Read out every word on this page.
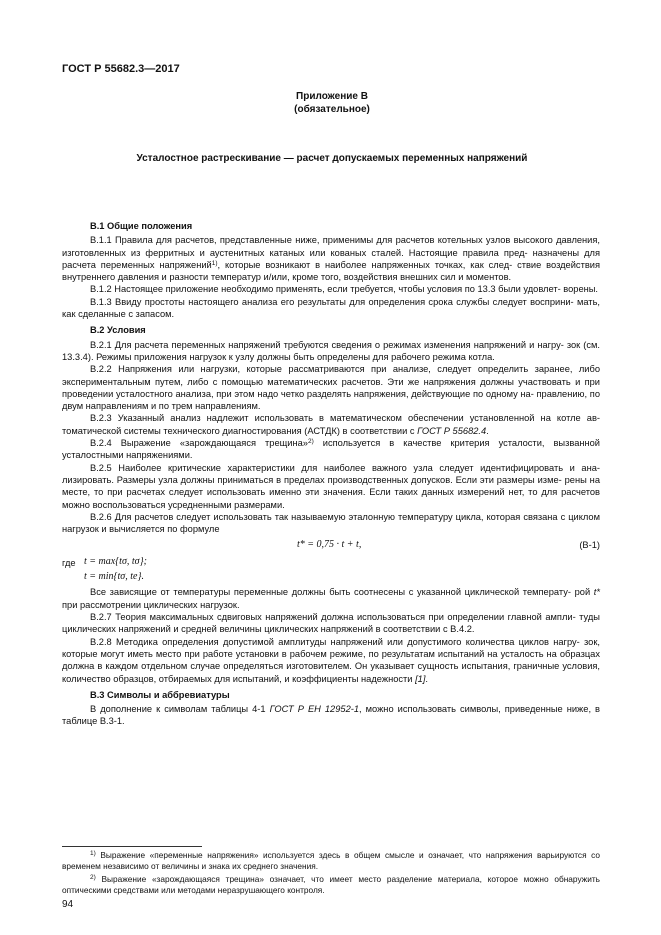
ГОСТ Р 55682.3—2017
Приложение В
(обязательное)
Усталостное растрескивание — расчет допускаемых переменных напряжений
В.1 Общие положения

В.1.1 Правила для расчетов, представленные ниже, применимы для расчетов котельных узлов высокого давления, изготовленных из ферритных и аустенитных катаных или кованых сталей. Настоящие правила пред- назначены для расчета переменных напряжений$^{1)}$, которые возникают в наиболее напряженных точках, как след- ствие воздействия внутреннего давления и разности температур и/или, кроме того, воздействия внешних сил и моментов.

В.1.2 Настоящее приложение необходимо применять, если требуется, чтобы условия по 13.3 были удовлет- ворены.

В.1.3 Ввиду простоты настоящего анализа его результаты для определения срока службы следует восприни- мать, как сделанные с запасом.

В.2 Условия

В.2.1 Для расчета переменных напряжений требуются сведения о режимах изменения напряжений и нагру- зок (см. 13.3.4). Режимы приложения нагрузок к узлу должны быть определены для рабочего режима котла.

В.2.2 Напряжения или нагрузки, которые рассматриваются при анализе, следует определить заранее, либо экспериментальным путем, либо с помощью математических расчетов. Эти же напряжения должны участвовать и при проведении усталостного анализа, при этом надо четко разделять напряжения, действующие по одному на- правлению, по двум направлениям и по трем направлениям.

В.2.3 Указанный анализ надлежит использовать в математическом обеспечении установленной на котле ав- томатической системы технического диагностирования (АСТДК) в соответствии с ГОСТ Р 55682.4.

В.2.4 Выражение «зарождающаяся трещина»$^{2)}$ используется в качестве критерия усталости, вызванной усталостными напряжениями.

В.2.5 Наиболее критические характеристики для наиболее важного узла следует идентифицировать и ана- лизировать. Размеры узла должны приниматься в пределах производственных допусков. Если эти размеры изме- рены на месте, то при расчетах следует использовать именно эти значения. Если таких данных измерений нет, то для расчетов можно воспользоваться усредненными размерами.

В.2.6 Для расчетов следует использовать так называемую эталонную температуру цикла, которая связана с циклом нагрузок и вычисляется по формуле

t* = 0,75 · t + t,	(В-1)
где t = max{tσ, tσ};
t = min{tσ, te}.

Все зависящие от температуры переменные должны быть соотнесены с указанной циклической температу- рой t* при рассмотрении циклических нагрузок.

В.2.7 Теория максимальных сдвиговых напряжений должна использоваться при определении главной ампли- туды циклических напряжений и средней величины циклических напряжений в соответствии с В.4.2.

В.2.8 Методика определения допустимой амплитуды напряжений или допустимого количества циклов нагру- зок, которые могут иметь место при работе установки в рабочем режиме, по результатам испытаний на усталость на образцах должна в каждом отдельном случае определяться изготовителем. Он указывает сущность испытания, граничные условия, количество образцов, отбираемых для испытаний, и коэффициенты надежности [1].

В.3 Символы и аббревиатуры

В дополнение к символам таблицы 4-1 ГОСТ Р ЕН 12952-1, можно использовать символы, приведенные ниже, в таблице В.3-1.

$^{1)}$ Выражение «переменные напряжения» используется здесь в общем смысле и означает, что напряжения варьируются со временем независимо от величины и знака их среднего значения.
$^{2)}$ Выражение «зарождающаяся трещина» означает, что имеет место разделение материала, которое можно обнаружить оптическими средствами или методами неразрушающего контроля.
94
